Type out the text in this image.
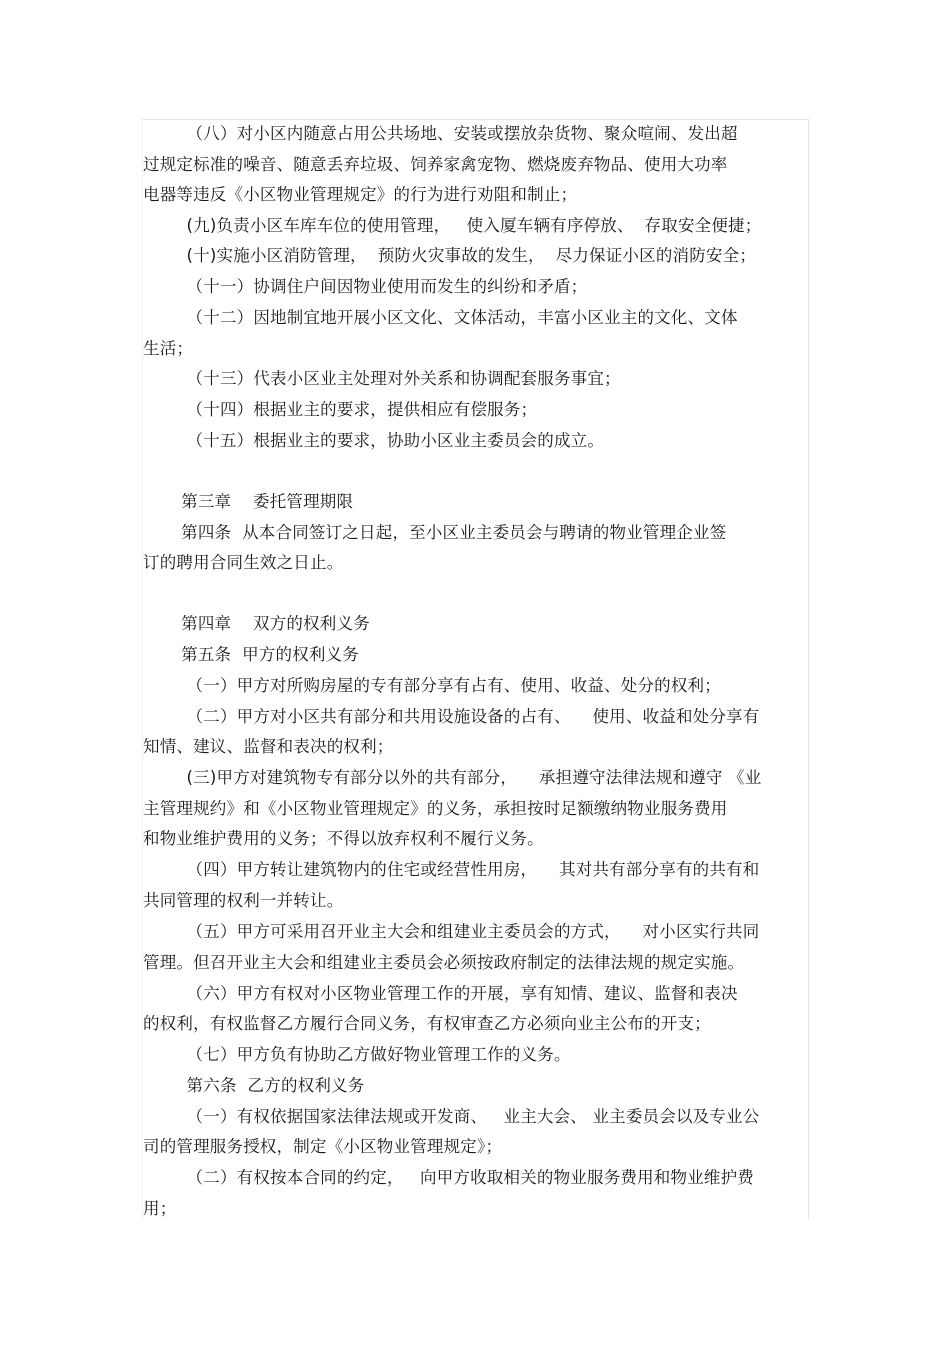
（八）对小区内随意占用公共场地、安装或摆放杂货物、聚众喧闹、发出超
过规定标准的噪音、随意丢弃垃圾、饲养家禽宠物、燃烧废弃物品、使用大功率
电器等违反《小区物业管理规定》的行为进行劝阻和制止；
(九)负责小区车库车位的使用管理，   使入厦车辆有序停放、  存取安全便捷；
(十)实施小区消防管理，  预防火灾事故的发生，  尽力保证小区的消防安全；
（十一）协调住户间因物业使用而发生的纠纷和矛盾；
（十二）因地制宜地开展小区文化、文体活动，丰富小区业主的文化、文体
生活；
（十三）代表小区业主处理对外关系和协调配套服务事宜；
（十四）根据业主的要求，提供相应有偿服务；
（十五）根据业主的要求，协助小区业主委员会的成立。
第三章    委托管理期限
第四条  从本合同签订之日起，至小区业主委员会与聘请的物业管理企业签
订的聘用合同生效之日止。
第四章    双方的权利义务
第五条  甲方的权利义务
（一）甲方对所购房屋的专有部分享有占有、使用、收益、处分的权利；
（二）甲方对小区共有部分和共用设施设备的占有、    使用、收益和处分享有
知情、建议、监督和表决的权利；
(三)甲方对建筑物专有部分以外的共有部分，    承担遵守法律法规和遵守 《业
主管理规约》和《小区物业管理规定》的义务，承担按时足额缴纳物业服务费用
和物业维护费用的义务；不得以放弃权利不履行义务。
（四）甲方转让建筑物内的住宅或经营性用房，    其对共有部分享有的共有和
共同管理的权利一并转让。
（五）甲方可采用召开业主大会和组建业主委员会的方式，    对小区实行共同
管理。但召开业主大会和组建业主委员会必须按政府制定的法律法规的规定实施。
（六）甲方有权对小区物业管理工作的开展，享有知情、建议、监督和表决
的权利，有权监督乙方履行合同义务，有权审查乙方必须向业主公布的开支；
（七）甲方负有协助乙方做好物业管理工作的义务。
第六条  乙方的权利义务
（一）有权依据国家法律法规或开发商、   业主大会、 业主委员会以及专业公
司的管理服务授权，制定《小区物业管理规定》；
（二）有权按本合同的约定，   向甲方收取相关的物业服务费用和物业维护费
用；
